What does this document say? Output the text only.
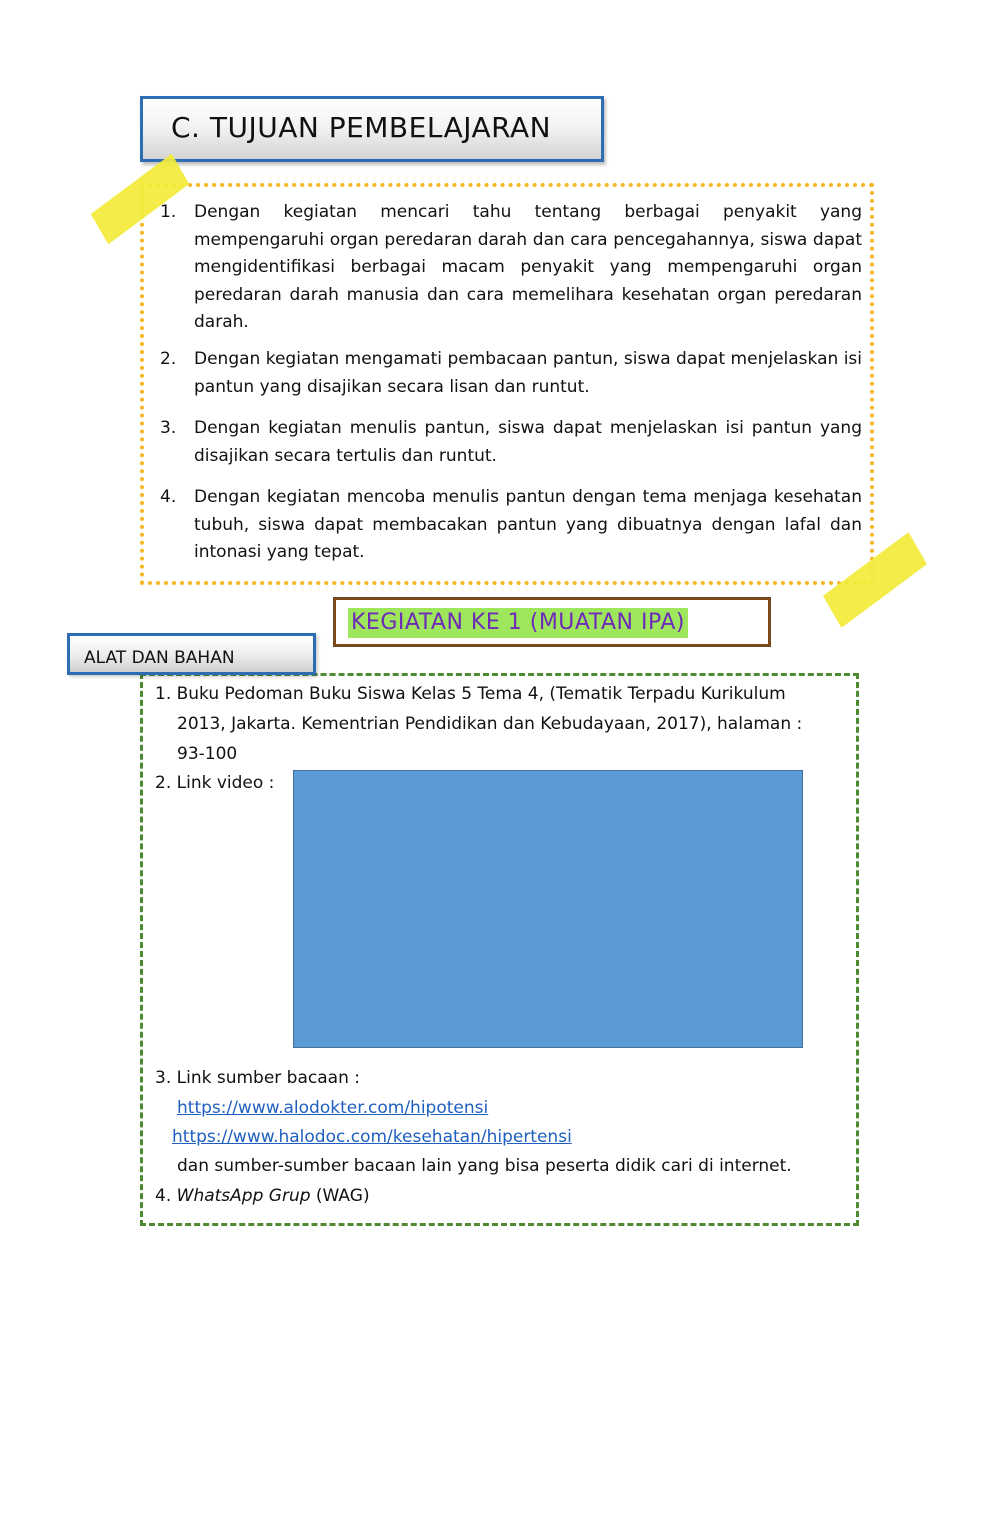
C. TUJUAN PEMBELAJARAN
1. Dengan kegiatan mencari tahu tentang berbagai penyakit yang mempengaruhi organ peredaran darah dan cara pencegahannya, siswa dapat mengidentifikasi berbagai macam penyakit yang mempengaruhi organ peredaran darah manusia dan cara memelihara kesehatan organ peredaran darah.
2. Dengan kegiatan mengamati pembacaan pantun, siswa dapat menjelaskan isi pantun yang disajikan secara lisan dan runtut.
3. Dengan kegiatan menulis pantun, siswa dapat menjelaskan isi pantun yang disajikan secara tertulis dan runtut.
4. Dengan kegiatan mencoba menulis pantun dengan tema menjaga kesehatan tubuh, siswa dapat membacakan pantun yang dibuatnya dengan lafal dan intonasi yang tepat.
KEGIATAN KE 1 (MUATAN IPA)
ALAT DAN BAHAN
1. Buku Pedoman Buku Siswa Kelas 5 Tema 4, (Tematik Terpadu Kurikulum
2013, Jakarta. Kementrian Pendidikan dan Kebudayaan, 2017), halaman :
93-100
2. Link video :
3. Link sumber bacaan :
https://www.alodokter.com/hipotensi
https://www.halodoc.com/kesehatan/hipertensi
dan sumber-sumber bacaan lain yang bisa peserta didik cari di internet.
4. WhatsApp Grup (WAG)
